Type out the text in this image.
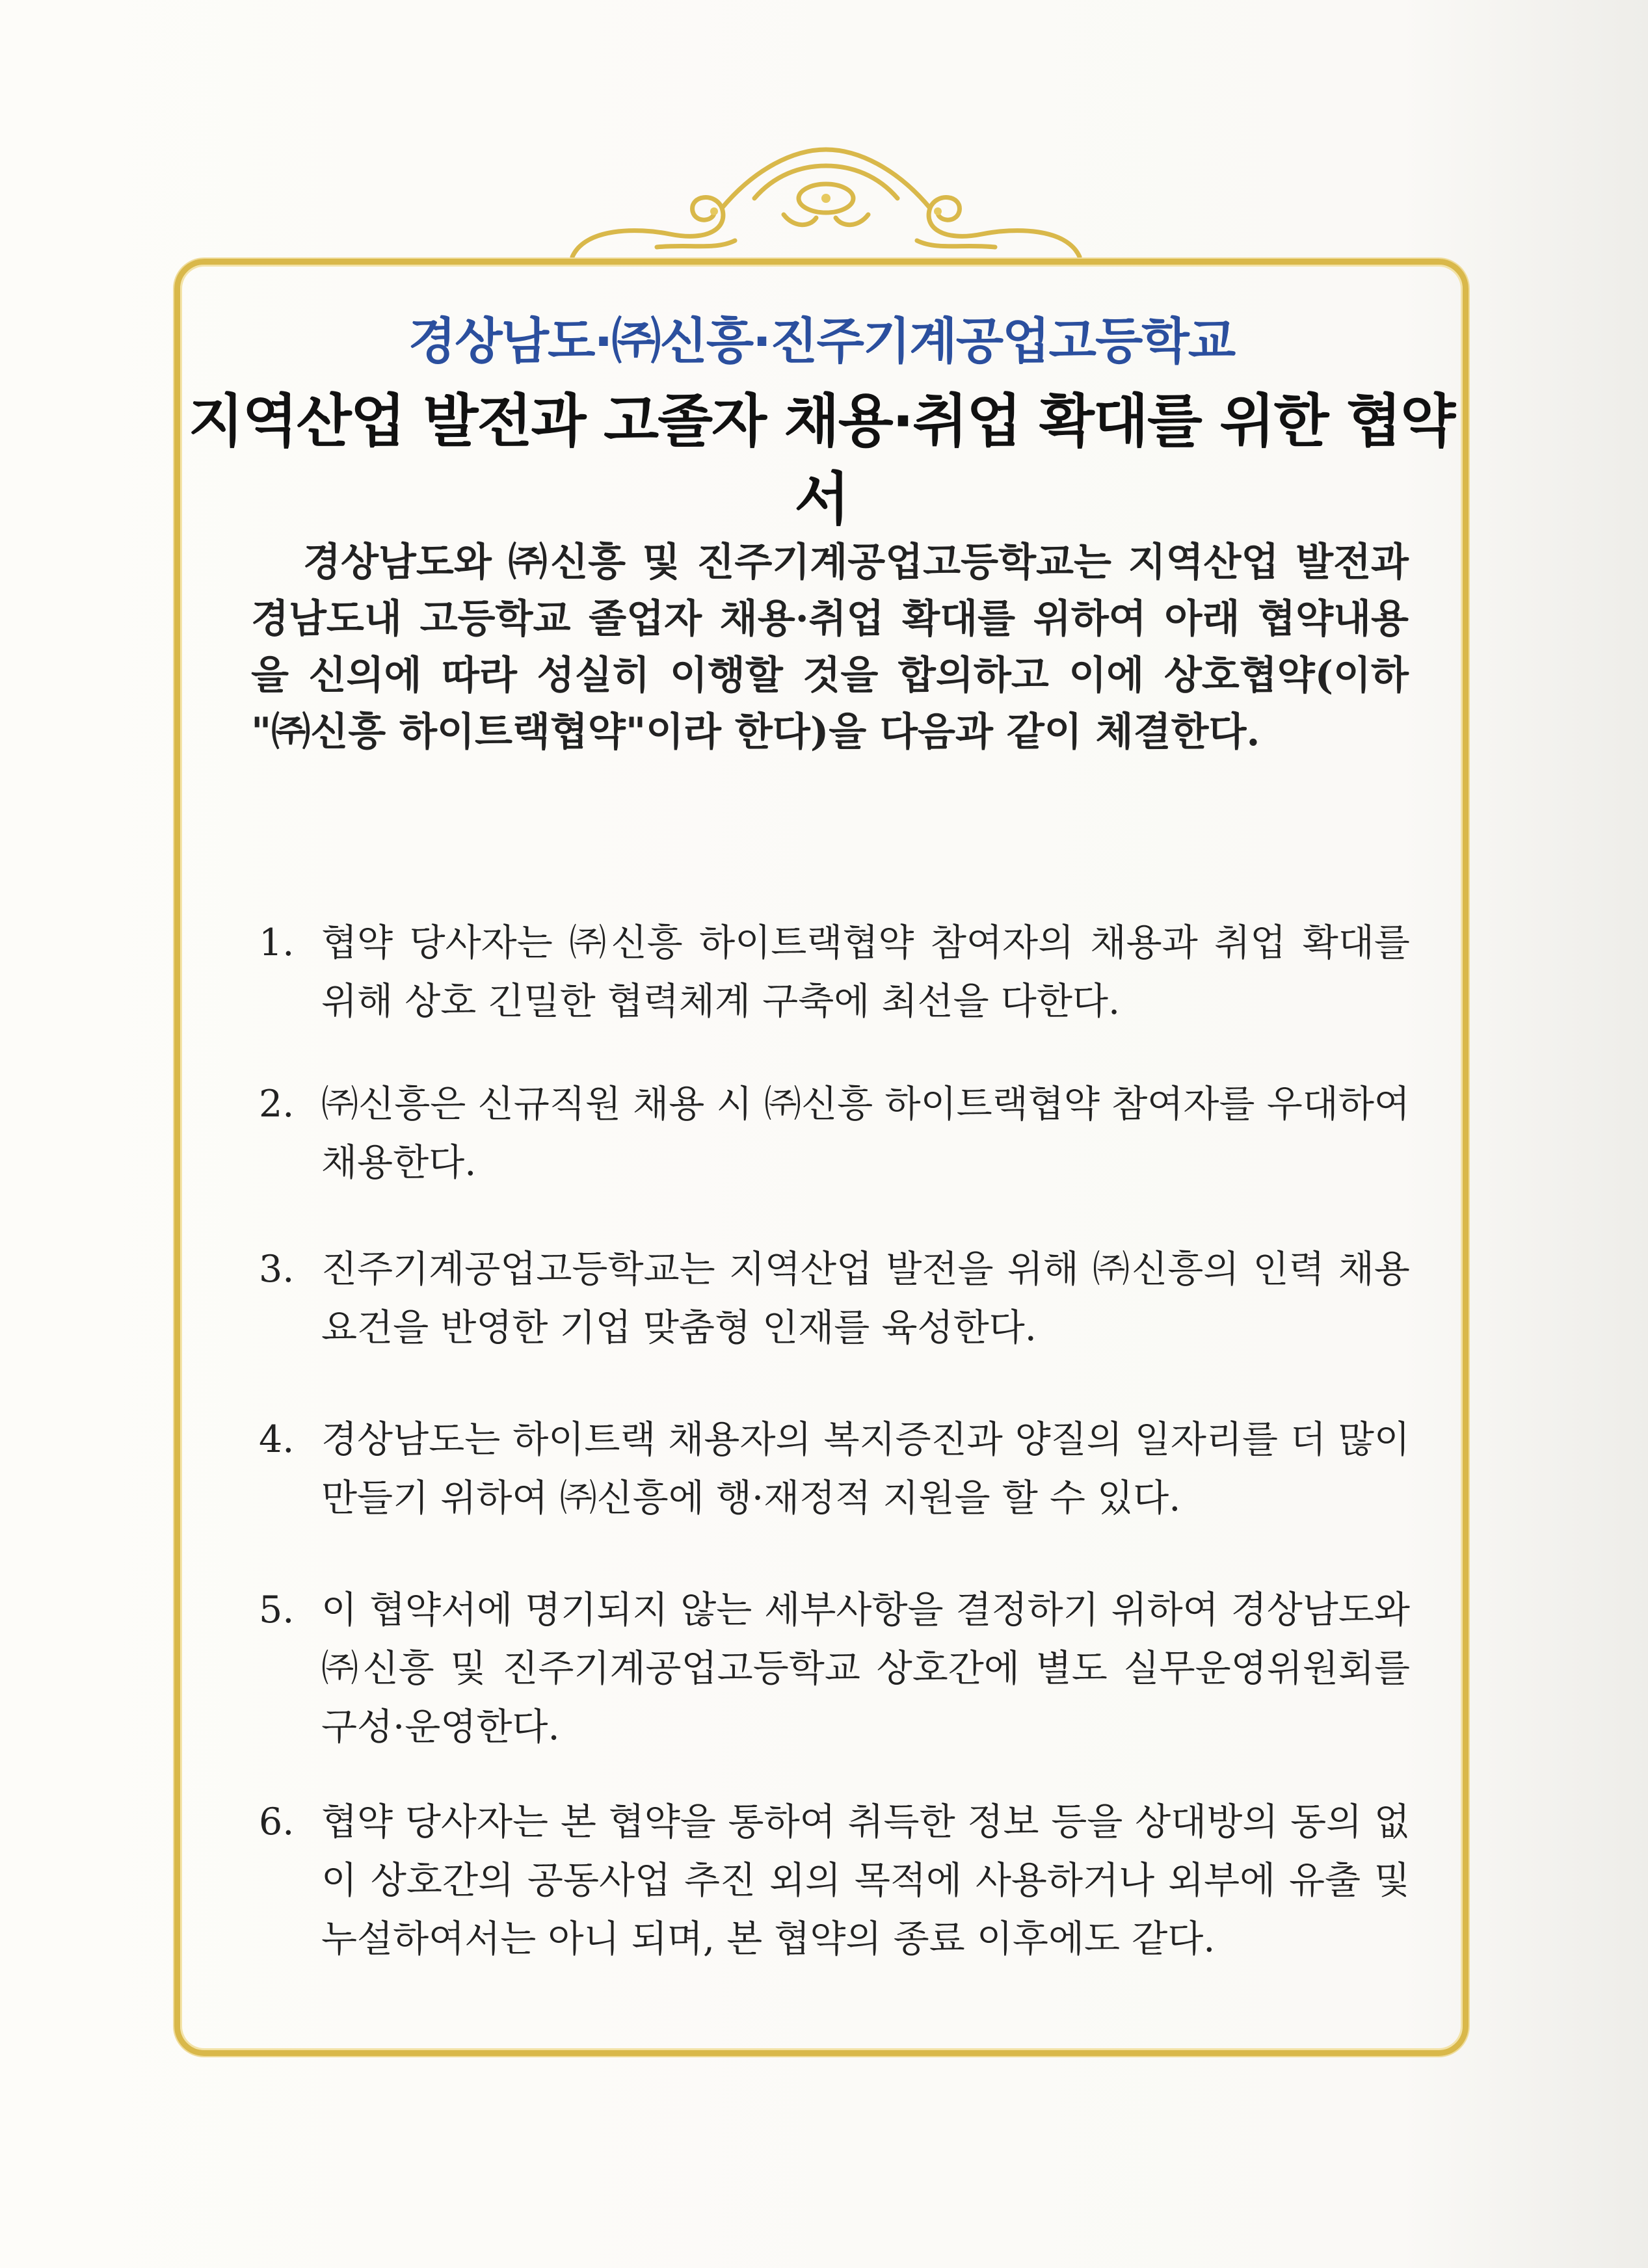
경상남도·㈜신흥·진주기계공업고등학교
지역산업 발전과 고졸자 채용·취업 확대를 위한 협약서

경상남도와 ㈜신흥 및 진주기계공업고등학교는 지역산업 발전과 경남도내 고등학교 졸업자 채용·취업 확대를 위하여 아래 협약내용을 신의에 따라 성실히 이행할 것을 합의하고 이에 상호협약(이하 "㈜신흥 하이트랙협약"이라 한다)을 다음과 같이 체결한다.

1. 협약 당사자는 ㈜신흥 하이트랙협약 참여자의 채용과 취업 확대를 위해 상호 긴밀한 협력체계 구축에 최선을 다한다.
2. ㈜신흥은 신규직원 채용 시 ㈜신흥 하이트랙협약 참여자를 우대하여 채용한다.
3. 진주기계공업고등학교는 지역산업 발전을 위해 ㈜신흥의 인력 채용 요건을 반영한 기업 맞춤형 인재를 육성한다.
4. 경상남도는 하이트랙 채용자의 복지증진과 양질의 일자리를 더 많이 만들기 위하여 ㈜신흥에 행·재정적 지원을 할 수 있다.
5. 이 협약서에 명기되지 않는 세부사항을 결정하기 위하여 경상남도와 ㈜신흥 및 진주기계공업고등학교 상호간에 별도 실무운영위원회를 구성·운영한다.
6. 협약 당사자는 본 협약을 통하여 취득한 정보 등을 상대방의 동의 없이 상호간의 공동사업 추진 외의 목적에 사용하거나 외부에 유출 및 누설하여서는 아니 되며, 본 협약의 종료 이후에도 같다.
